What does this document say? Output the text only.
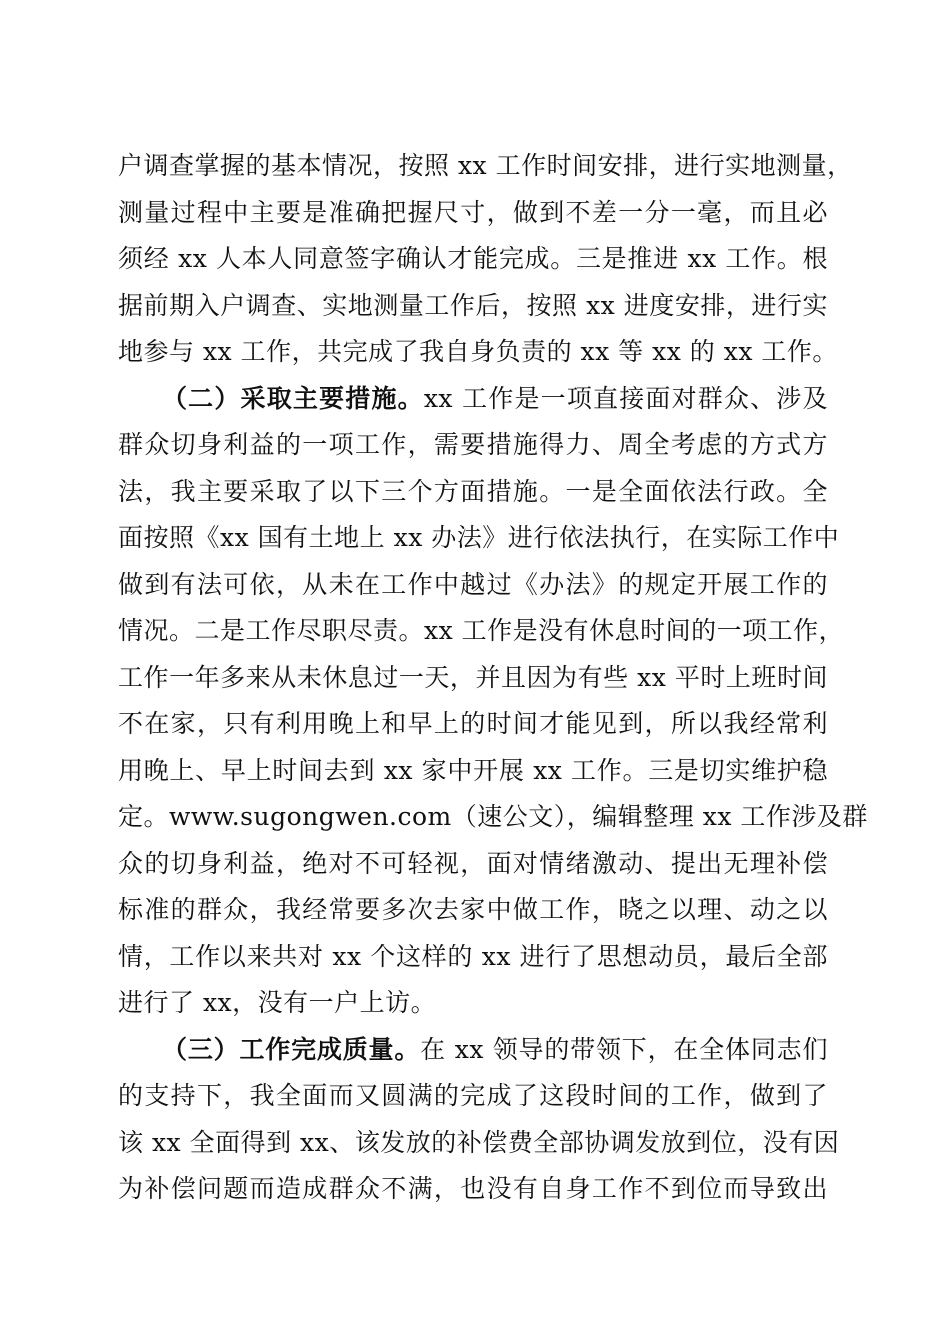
户调查掌握的基本情况，按照 xx 工作时间安排，进行实地测量，
测量过程中主要是准确把握尺寸，做到不差一分一毫，而且必
须经 xx 人本人同意签字确认才能完成。三是推进 xx 工作。根
据前期入户调查、实地测量工作后，按照 xx 进度安排，进行实
地参与 xx 工作，共完成了我自身负责的 xx 等 xx 的 xx 工作。
（二）采取主要措施。xx 工作是一项直接面对群众、涉及
群众切身利益的一项工作，需要措施得力、周全考虑的方式方
法，我主要采取了以下三个方面措施。一是全面依法行政。全
面按照《xx 国有土地上 xx 办法》进行依法执行，在实际工作中
做到有法可依，从未在工作中越过《办法》的规定开展工作的
情况。二是工作尽职尽责。xx 工作是没有休息时间的一项工作，
工作一年多来从未休息过一天，并且因为有些 xx 平时上班时间
不在家，只有利用晚上和早上的时间才能见到，所以我经常利
用晚上、早上时间去到 xx 家中开展 xx 工作。三是切实维护稳
定。www.sugongwen.com（速公文），编辑整理 xx 工作涉及群
众的切身利益，绝对不可轻视，面对情绪激动、提出无理补偿
标准的群众，我经常要多次去家中做工作，晓之以理、动之以
情，工作以来共对 xx 个这样的 xx 进行了思想动员，最后全部
进行了 xx，没有一户上访。
（三）工作完成质量。在 xx 领导的带领下，在全体同志们
的支持下，我全面而又圆满的完成了这段时间的工作，做到了
该 xx 全面得到 xx、该发放的补偿费全部协调发放到位，没有因
为补偿问题而造成群众不满，也没有自身工作不到位而导致出
